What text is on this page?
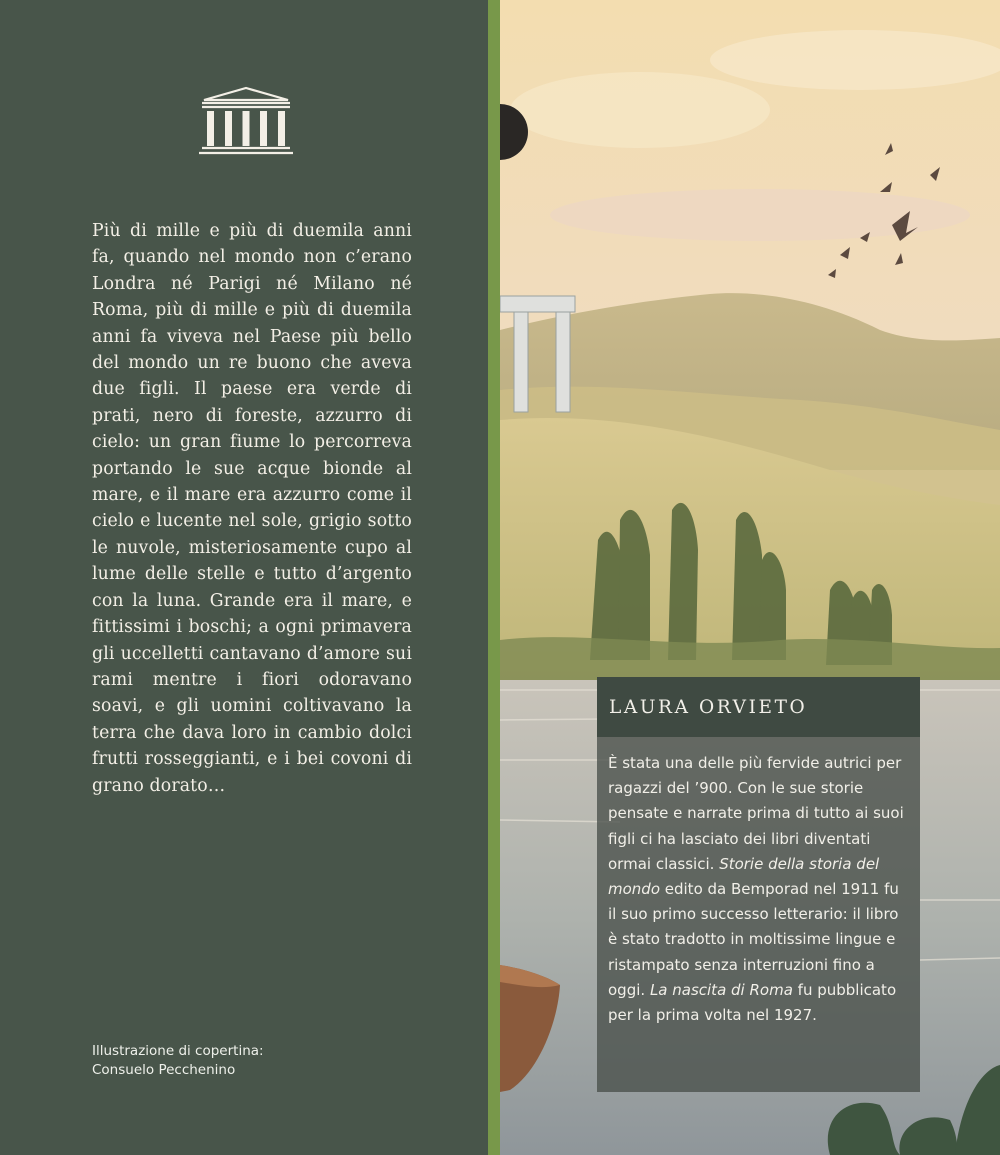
Più di mille e più di duemila anni fa, quando nel mondo non c’erano Londra né Parigi né Milano né Roma, più di mille e più di duemila anni fa viveva nel Paese più bello del mondo un re buono che aveva due figli. Il paese era verde di prati, nero di foreste, azzurro di cielo: un gran fiume lo percorreva portando le sue acque bionde al mare, e il mare era azzurro come il cielo e lucente nel sole, grigio sotto le nuvole, misteriosamente cupo al lume delle stelle e tutto d’argento con la luna. Grande era il mare, e fittissimi i boschi; a ogni primavera gli uccelletti cantavano d’amore sui rami mentre i fiori odoravano soavi, e gli uomini coltivavano la terra che dava loro in cambio dolci frutti rosseggianti, e i bei covoni di grano dorato…

Illustrazione di copertina:
Consuelo Pecchenino
LAURA ORVIETO

È stata una delle più fervide autrici per ragazzi del ’900. Con le sue storie pensate e narrate prima di tutto ai suoi figli ci ha lasciato dei libri diventati ormai classici. Storie della storia del mondo edito da Bemporad nel 1911 fu il suo primo successo letterario: il libro è stato tradotto in moltissime lingue e ristampato senza interruzioni fino a oggi. La nascita di Roma fu pubblicato per la prima volta nel 1927.
